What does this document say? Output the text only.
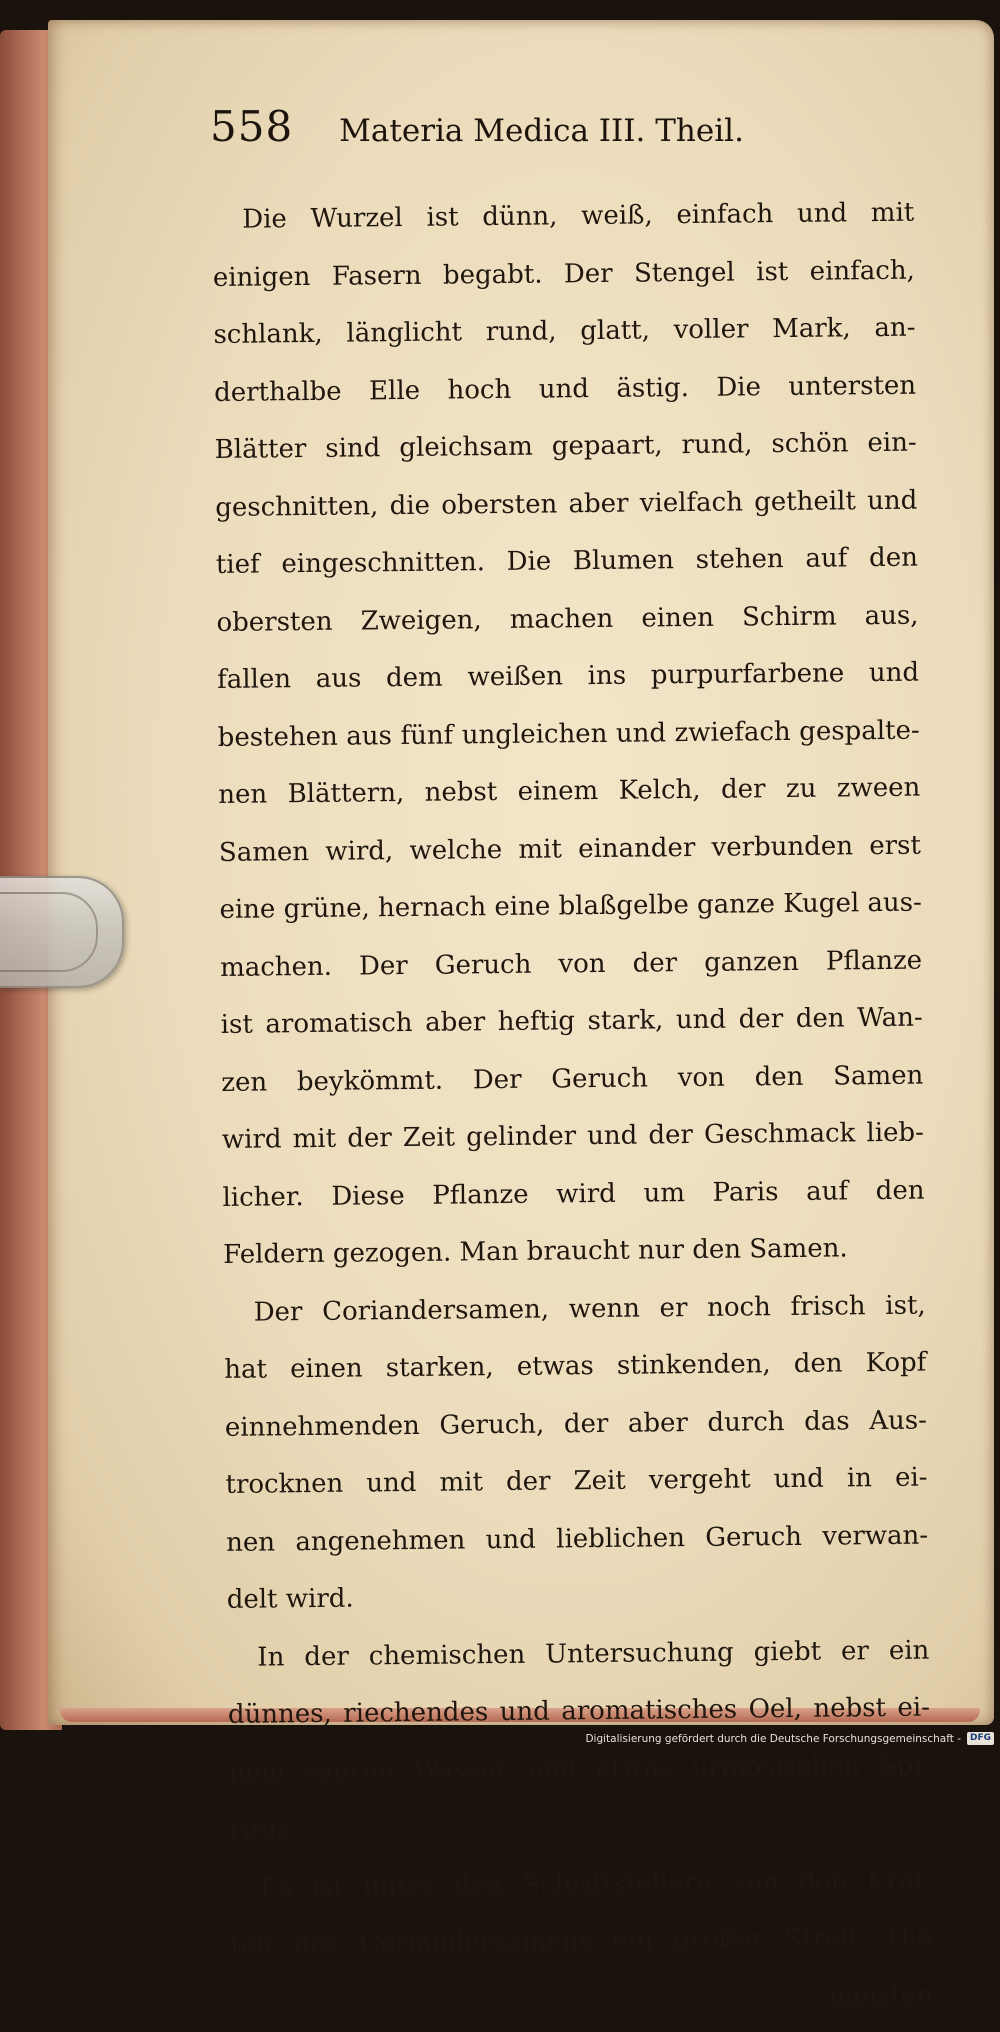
558 Materia Medica III. Theil.
Die Wurzel ist dünn, weiß, einfach und mit
einigen Fasern begabt. Der Stengel ist einfach,
schlank, länglicht rund, glatt, voller Mark, an-
derthalbe Elle hoch und ästig. Die untersten
Blätter sind gleichsam gepaart, rund, schön ein-
geschnitten, die obersten aber vielfach getheilt und
tief eingeschnitten. Die Blumen stehen auf den
obersten Zweigen, machen einen Schirm aus,
fallen aus dem weißen ins purpurfarbene und
bestehen aus fünf ungleichen und zwiefach gespalte-
nen Blättern, nebst einem Kelch, der zu zween
Samen wird, welche mit einander verbunden erst
eine grüne, hernach eine blaßgelbe ganze Kugel aus-
machen. Der Geruch von der ganzen Pflanze
ist aromatisch aber heftig stark, und der den Wan-
zen beykömmt. Der Geruch von den Samen
wird mit der Zeit gelinder und der Geschmack lieb-
licher. Diese Pflanze wird um Paris auf den
Feldern gezogen. Man braucht nur den Samen.
Der Coriandersamen, wenn er noch frisch ist,
hat einen starken, etwas stinkenden, den Kopf
einnehmenden Geruch, der aber durch das Aus-
trocknen und mit der Zeit vergeht und in ei-
nen angenehmen und lieblichen Geruch verwan-
delt wird.
In der chemischen Untersuchung giebt er ein
dünnes, riechendes und aromatisches Oel, nebst ei-
nem sauren Wasser und etwas urinösischen Spi-
ritus.
Es ist unter den Schriftstellern von den Kräf-
ten des Coriandersamens ein großer Streit. Die
meisten
Digitalisierung gefördert durch die Deutsche Forschungsgemeinschaft -	DFG
